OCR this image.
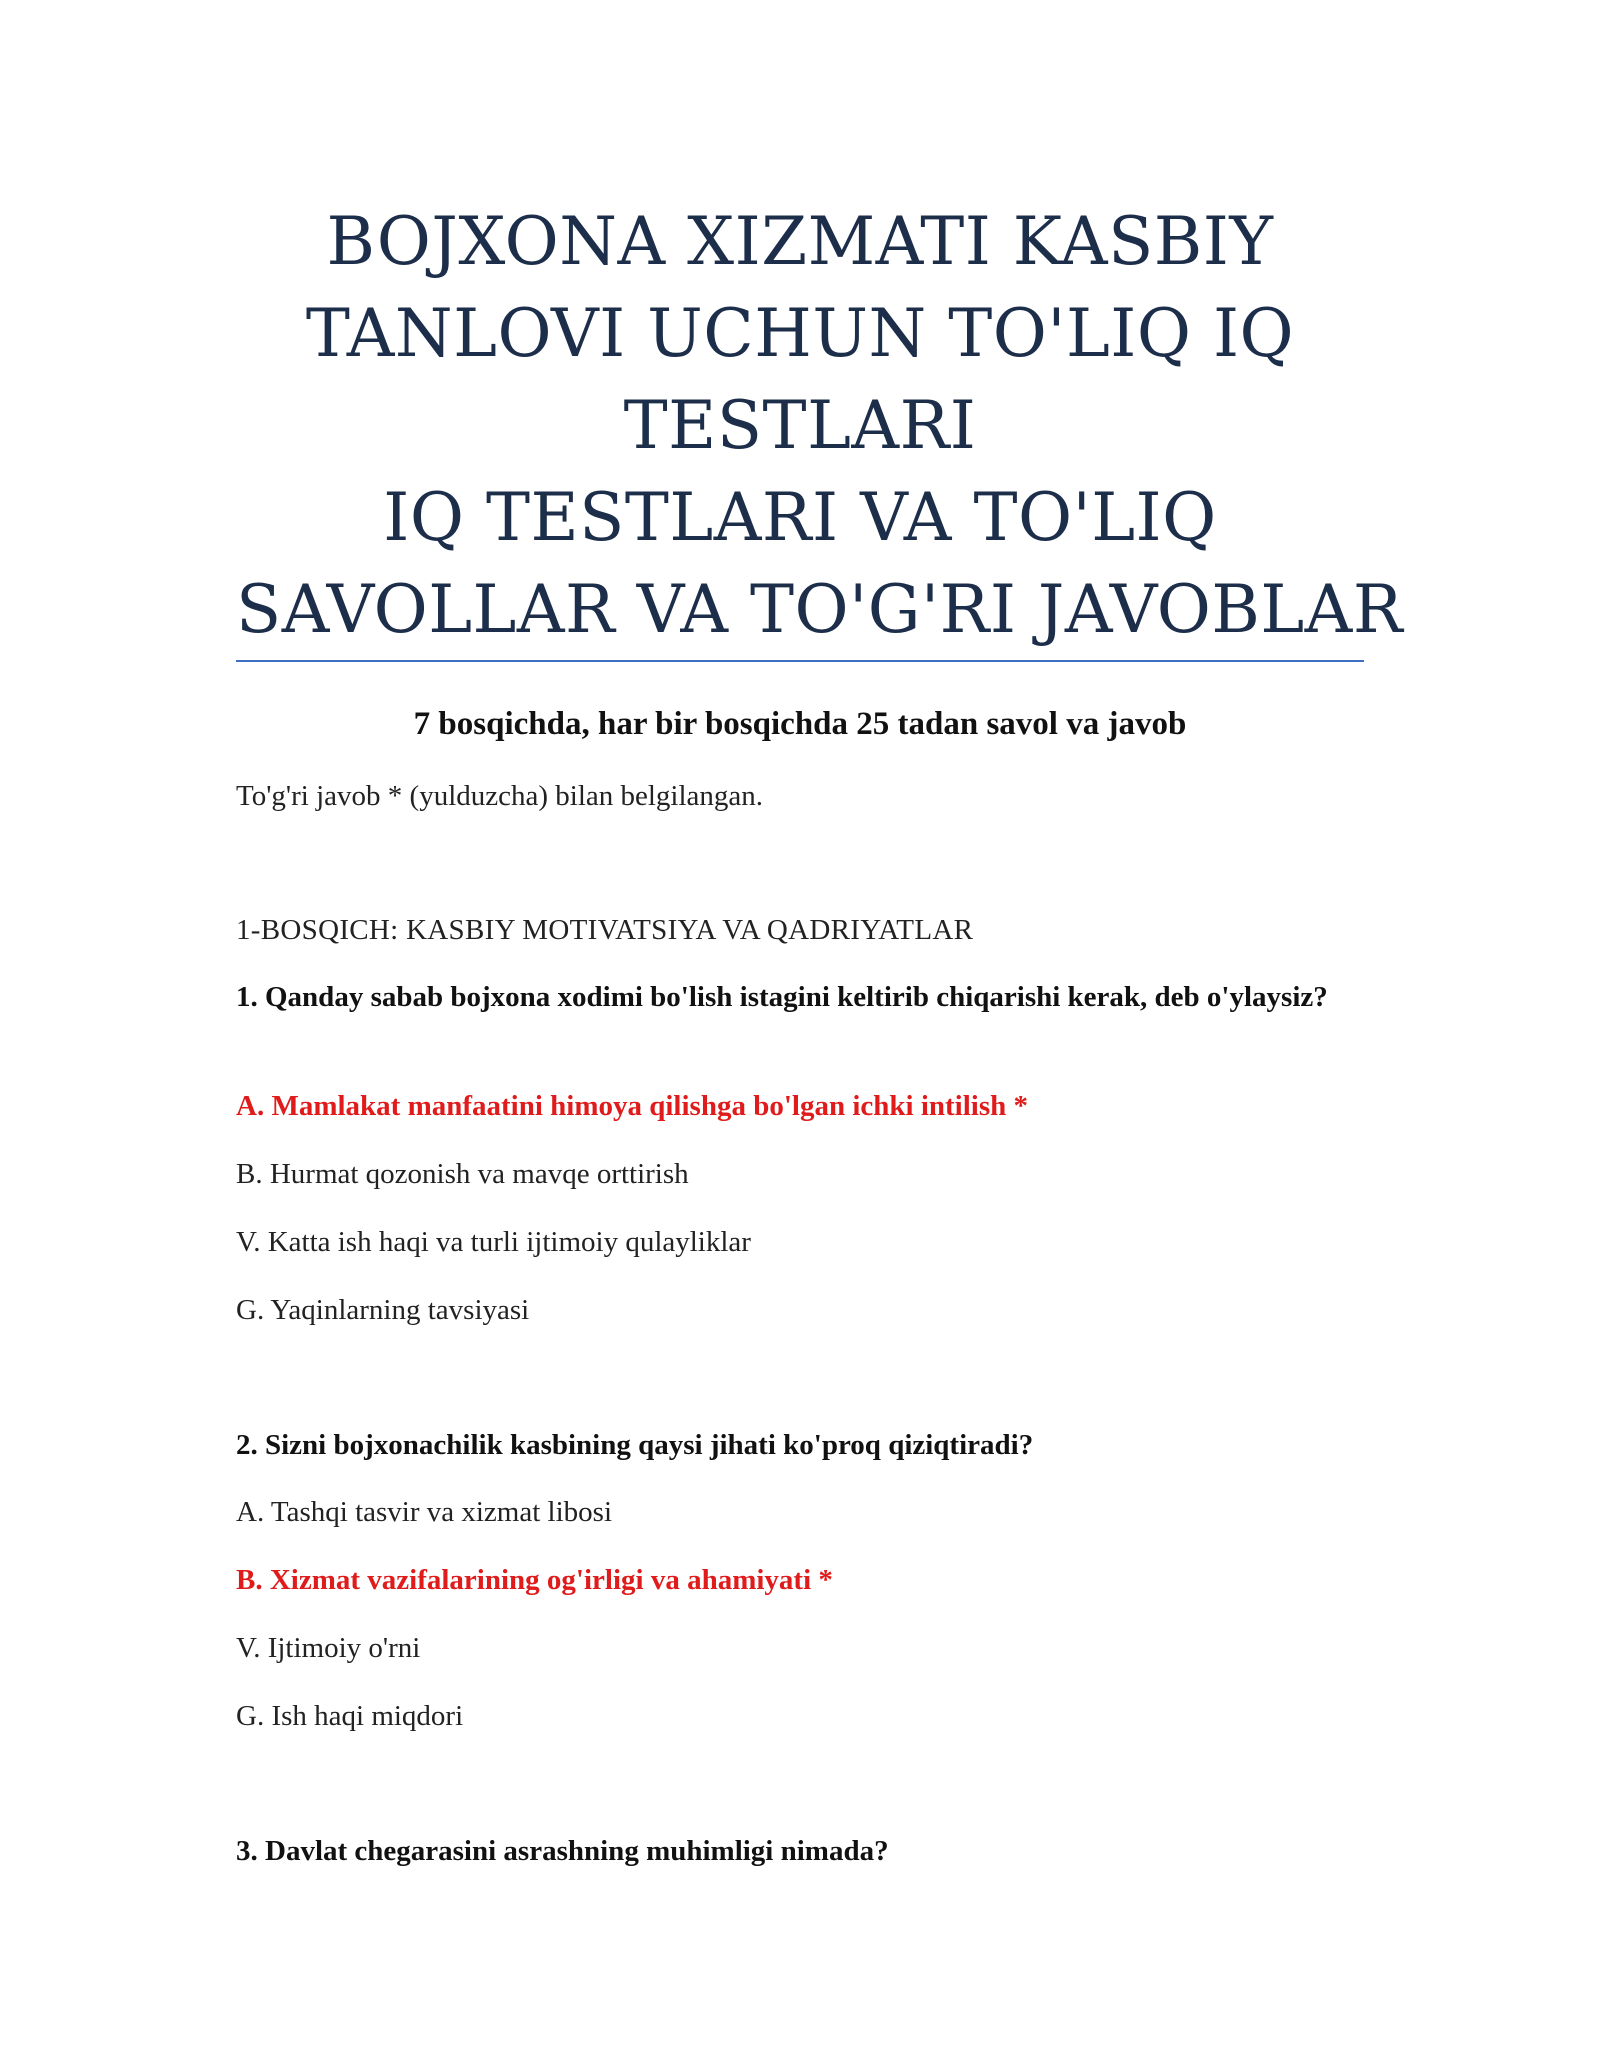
BOJXONA XIZMATI KASBIY
TANLOVI UCHUN TO'LIQ IQ
TESTLARI
IQ TESTLARI VA TO'LIQ
SAVOLLAR VA TO'G'RI JAVOBLAR
7 bosqichda, har bir bosqichda 25 tadan savol va javob
To'g'ri javob * (yulduzcha) bilan belgilangan.
1-BOSQICH: KASBIY MOTIVATSIYA VA QADRIYATLAR
1. Qanday sabab bojxona xodimi bo'lish istagini keltirib chiqarishi kerak, deb o'ylaysiz?
A. Mamlakat manfaatini himoya qilishga bo'lgan ichki intilish *
B. Hurmat qozonish va mavqe orttirish
V. Katta ish haqi va turli ijtimoiy qulayliklar
G. Yaqinlarning tavsiyasi
2. Sizni bojxonachilik kasbining qaysi jihati ko'proq qiziqtiradi?
A. Tashqi tasvir va xizmat libosi
B. Xizmat vazifalarining og'irligi va ahamiyati *
V. Ijtimoiy o'rni
G. Ish haqi miqdori
3. Davlat chegarasini asrashning muhimligi nimada?
